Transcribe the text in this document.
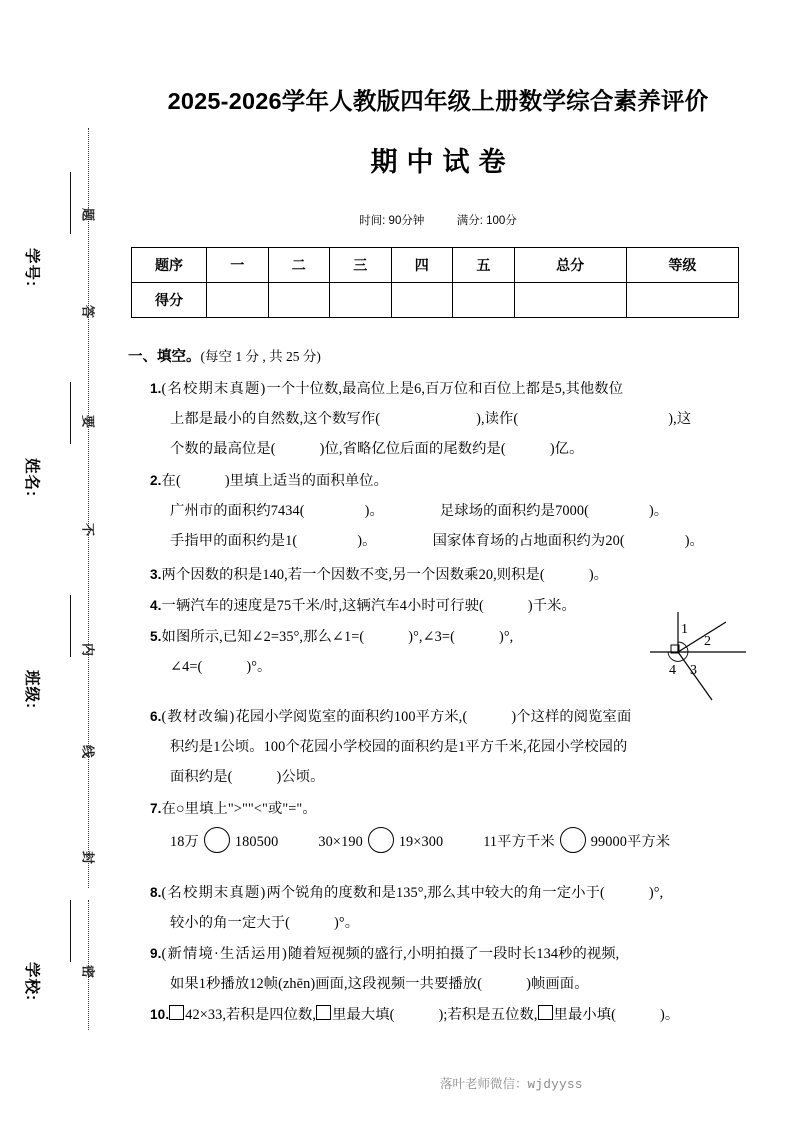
学号:
姓名:
班级:
学校:
题
答
要
不
内
线
封
密
2025-2026学年人教版四年级上册数学综合素养评价
期中试卷
时间: 90分钟	满分: 100分
题序	一	二	三	四	五	总分	等级
得分							
一、填空。(每空 1 分 , 共 25 分)
1.(名校期末真题)一个十位数,最高位上是6,百万位和百位上都是5,其他数位
上都是最小的自然数,这个数写作(	),读作(	),这
个数的最高位是(	)位,省略亿位后面的尾数约是(	)亿。
2.在(	)里填上适当的面积单位。
广州市的面积约7434(	)。	足球场的面积约是7000(	)。
手指甲的面积约是1(	)。	国家体育场的占地面积约为20(	)。
3.两个因数的积是140,若一个因数不变,另一个因数乘20,则积是(	)。
4.一辆汽车的速度是75千米/时,这辆汽车4小时可行驶(	)千米。
5.如图所示,已知∠2=35°,那么∠1=(	)°,∠3=(	)°,
∠4=(	)°。
1
2
3
4
6.(教材改编)花园小学阅览室的面积约100平方米,(	)个这样的阅览室面
积约是1公顷。100个花园小学校园的面积约是1平方千米,花园小学校园的
面积约是(	)公顷。
7.在○里填上">""<"或"="。
18万	180500	30×190	19×300	11平方千米	99000平方米
8.(名校期末真题)两个锐角的度数和是135°,那么其中较大的角一定小于(	)°,
较小的角一定大于(	)°。
9.(新情境·生活运用)随着短视频的盛行,小明拍摄了一段时长134秒的视频,
如果1秒播放12帧(zhēn)画面,这段视频一共要播放(	)帧画面。
10. 42×33,若积是四位数, 里最大填(	);若积是五位数, 里最小填(	)。
落叶老师微信：wjdyyss
